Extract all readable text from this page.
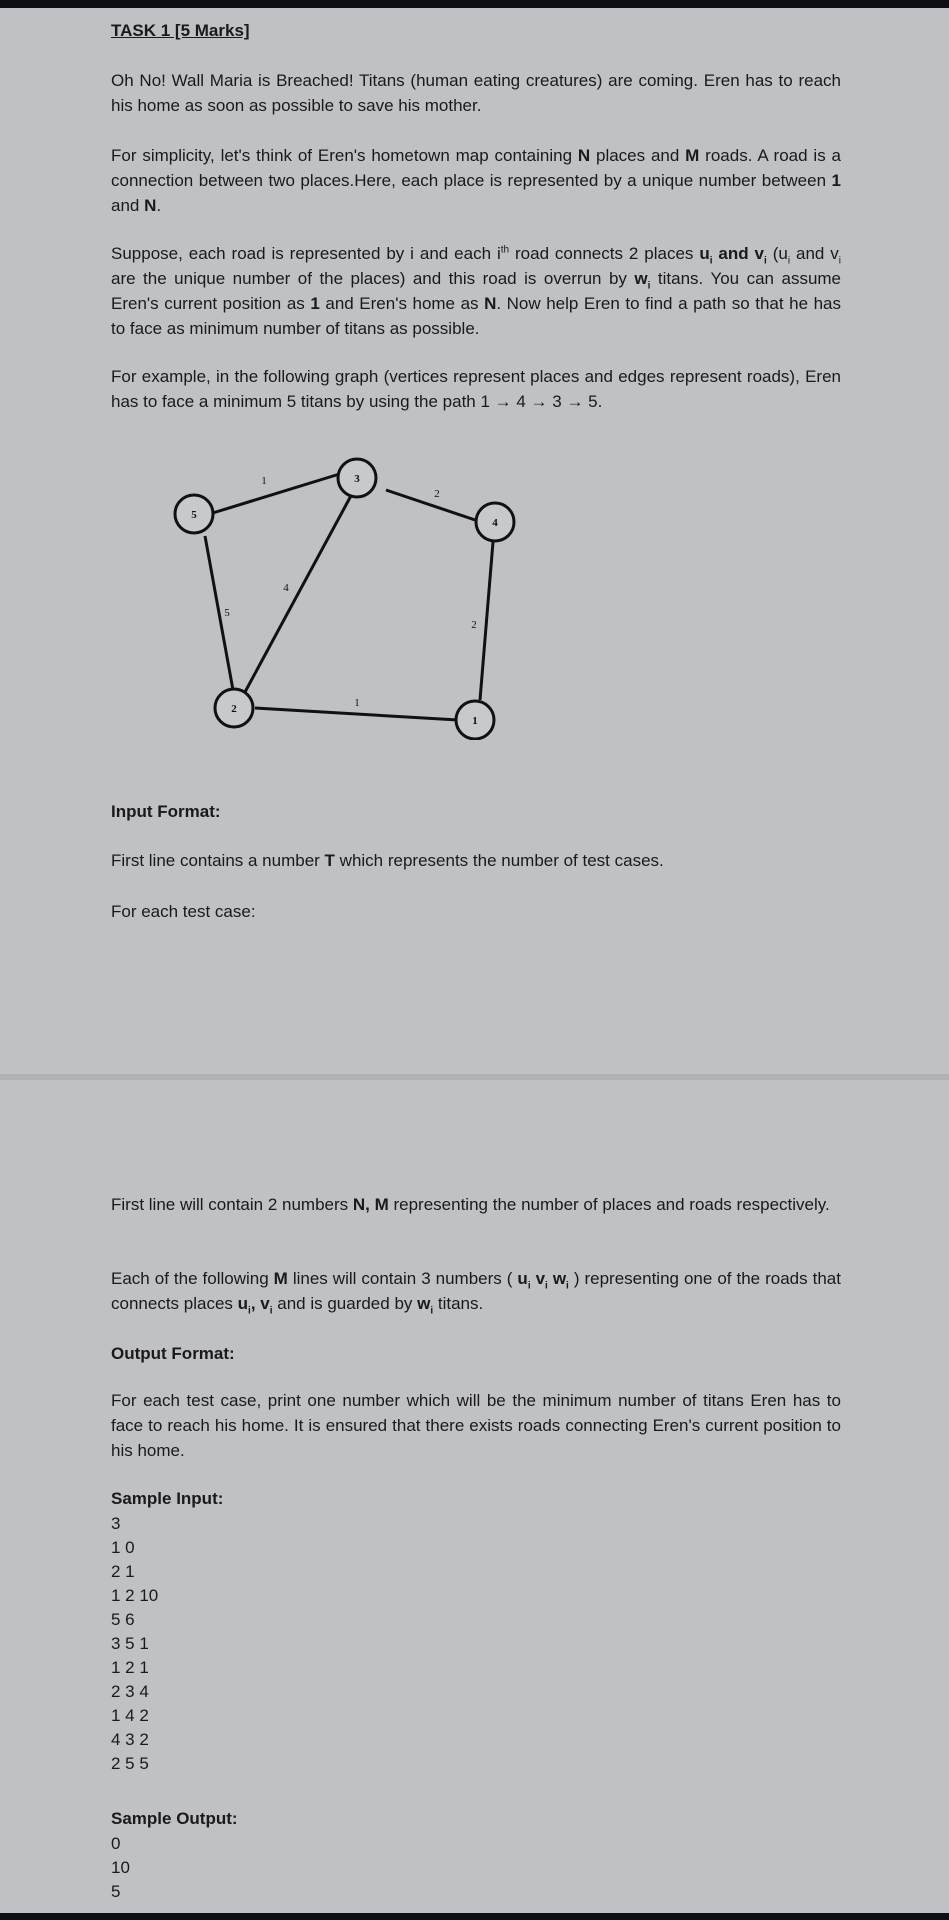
TASK 1 [5 Marks]

Oh No! Wall Maria is Breached! Titans (human eating creatures) are coming. Eren has to reach his home as soon as possible to save his mother.

For simplicity, let's think of Eren's hometown map containing N places and M roads. A road is a connection between two places.Here, each place is represented by a unique number between 1 and N.

Suppose, each road is represented by i and each $i^{th}$ road connects 2 places $u_i$ and $v_i$ ($u_i$ and $v_i$ are the unique number of the places) and this road is overrun by $w_i$ titans. You can assume Eren's current position as 1 and Eren's home as N. Now help Eren to find a path so that he has to face as minimum number of titans as possible.

For example, in the following graph (vertices represent places and edges represent roads), Eren has to face a minimum 5 titans by using the path 1 → 4 → 3 → 5.

1
2
5
4
2
1
5
3
4
2
1
Input Format:

First line contains a number T which represents the number of test cases.

For each test case:

First line will contain 2 numbers N, M representing the number of places and roads respectively.

Each of the following M lines will contain 3 numbers ( $u_i$ $v_i$ $w_i$ ) representing one of the roads that connects places $u_i$, $v_i$ and is guarded by $w_i$ titans.

Output Format:

For each test case, print one number which will be the minimum number of titans Eren has to face to reach his home. It is ensured that there exists roads connecting Eren's current position to his home.

Sample Input:
3
1 0
2 1
1 2 10
5 6
3 5 1
1 2 1
2 3 4
1 4 2
4 3 2
2 5 5
Sample Output:
0
10
5
